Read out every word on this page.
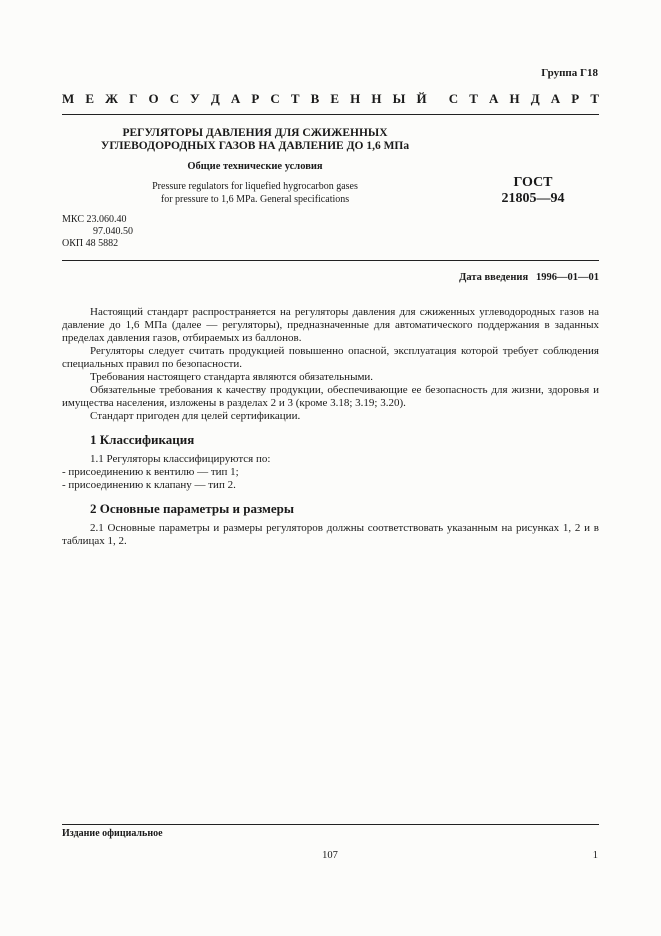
Группа Г18
М Е Ж Г О С У Д А Р С Т В Е Н Н Ы Й С Т А Н Д А Р Т
РЕГУЛЯТОРЫ ДАВЛЕНИЯ ДЛЯ СЖИЖЕННЫХ
УГЛЕВОДОРОДНЫХ ГАЗОВ НА ДАВЛЕНИЕ ДО 1,6 МПа
Общие технические условия
Pressure regulators for liquefied hygrocarbon gases
for pressure to 1,6 MPa. General specifications
ГОСТ
21805—94
МКС 23.060.40
97.040.50
ОКП 48 5882
Дата введения   1996—01—01

Настоящий стандарт распространяется на регуляторы давления для сжиженных углеводородных газов на давление до 1,6 МПа (далее — регуляторы), предназначенные для автоматического поддержания в заданных пределах давления газов, отбираемых из баллонов.

Регуляторы следует считать продукцией повышенно опасной, эксплуатация которой требует соблюдения специальных правил по безопасности.

Требования настоящего стандарта являются обязательными.

Обязательные требования к качеству продукции, обеспечивающие ее безопасность для жизни, здоровья и имущества населения, изложены в разделах 2 и 3 (кроме 3.18; 3.19; 3.20).

Стандарт пригоден для целей сертификации.

1 Классификация

1.1 Регуляторы классифицируются по:

- присоединению к вентилю — тип 1;

- присоединению к клапану — тип 2.

2 Основные параметры и размеры

2.1 Основные параметры и размеры регуляторов должны соответствовать указанным на рисунках 1, 2 и в таблицах 1, 2.

Издание официальное
107	1
